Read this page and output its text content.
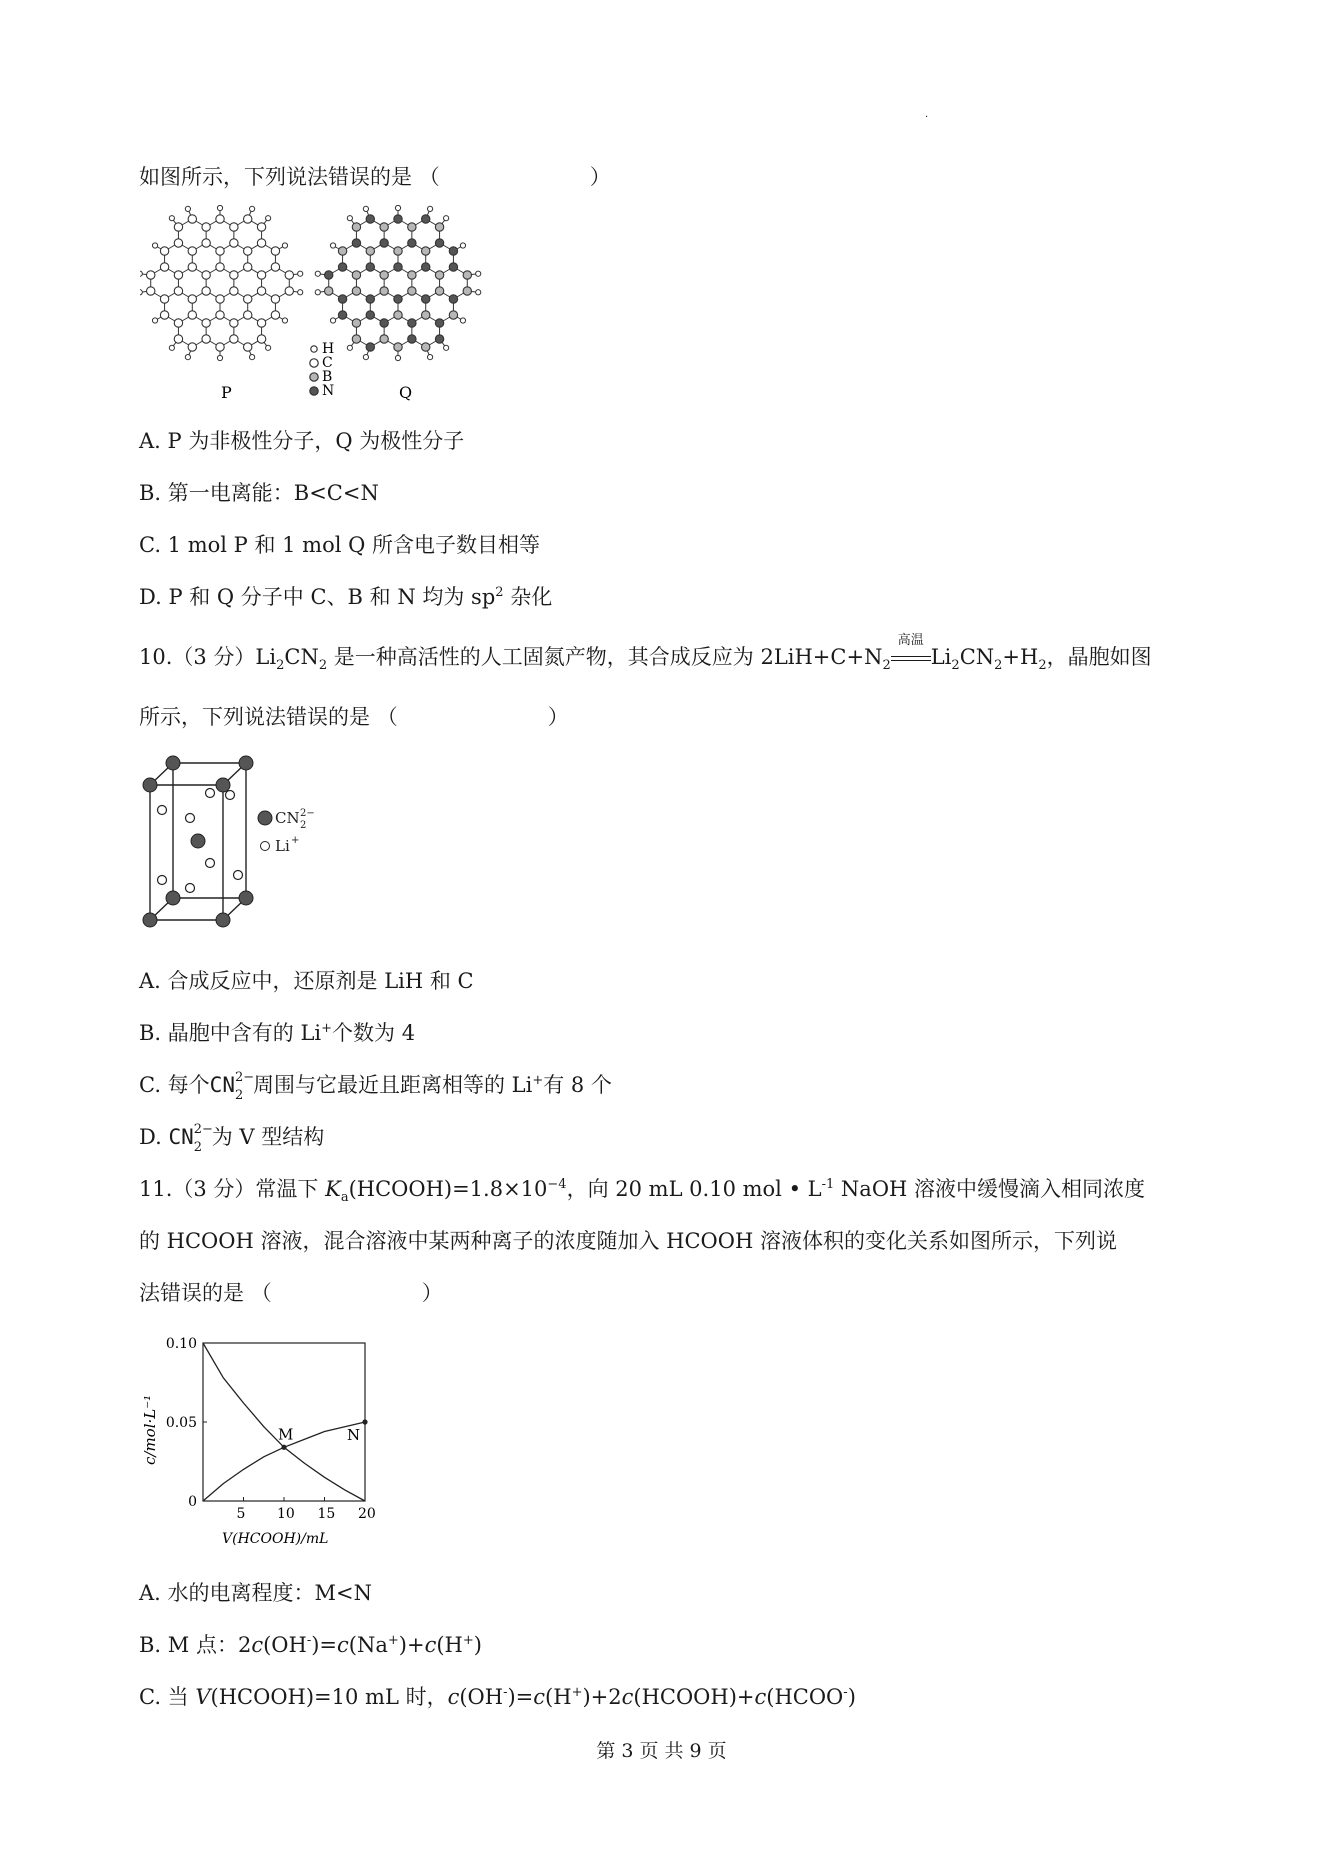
·
如图所示，下列说法错误的是 （	）
H
C
B
N
P	Q
A. P 为非极性分子，Q 为极性分子
B. 第一电离能：B<C<N
C. 1 mol P 和 1 mol Q 所含电子数目相等
D. P 和 Q 分子中 C、B 和 N 均为 $sp^2$ 杂化
10.（3 分）$Li_2CN_2$ 是一种高活性的人工固氮产物，其合成反应为 $2LiH+C+N_2$
高温
$Li_2CN_2+H_2$，晶胞如图
所示，下列说法错误的是 （	）
CN 2
2−
Li +
A. 合成反应中，还原剂是 LiH 和 C
B. 晶胞中含有的 Li+个数为 4
C. 每个CN 2−
2 周围与它最近且距离相等的 Li+有 8 个
D. CN 2−
2 为 V 型结构
11.（3 分）常温下 $K_a(HCOOH)=1.8\times 10^{-4}$，向 20 mL 0.10 mol • $L^{-1}$ NaOH 溶液中缓慢滴入相同浓度
的 HCOOH 溶液，混合溶液中某两种离子的浓度随加入 HCOOH 溶液体积的变化关系如图所示，下列说
法错误的是 （	）
5 10 15 20
0
0.05
0.10
M	N
c/mol·L⁻¹
V(HCOOH)/mL
A. 水的电离程度：M<N
B. M 点：2c(OH-)=c(Na+)+c(H+)
C. 当 V(HCOOH)=10 mL 时，c(OH-)=c(H+)+2c(HCOOH)+c(HCOO-)
第 3 页 共 9 页
